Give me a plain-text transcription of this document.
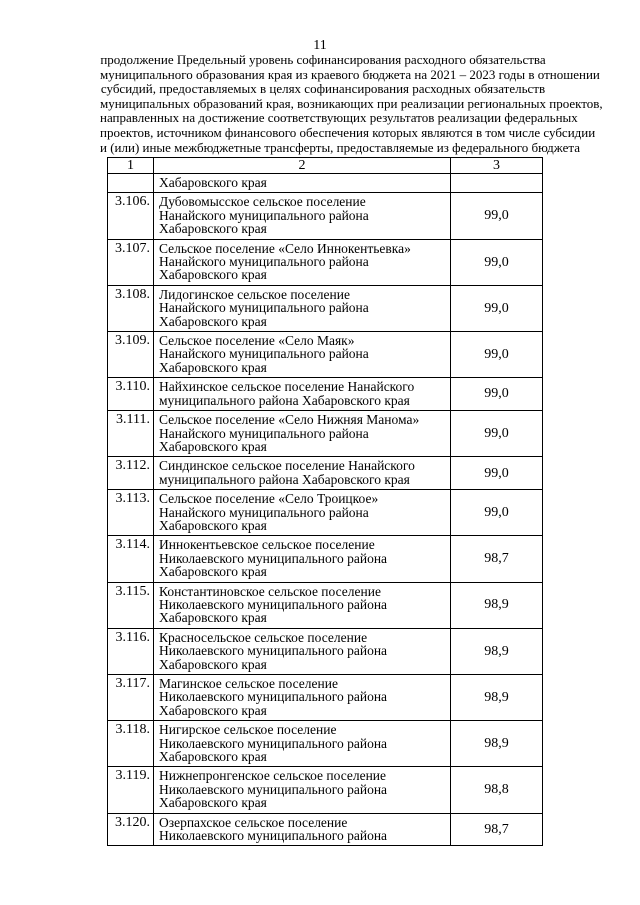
11
продолжение Предельный уровень софинансирования расходного обязательства
муниципального образования края из краевого бюджета на 2021 – 2023 годы в отношении
субсидий, предоставляемых в целях софинансирования расходных обязательств
муниципальных образований края, возникающих при реализации региональных проектов,
направленных на достижение соответствующих результатов реализации федеральных
проектов, источником финансового обеспечения которых являются в том числе субсидии
и (или) иные межбюджетные трансферты, предоставляемые из федерального бюджета
1	2	3

	Хабаровского края	

3.106.	Дубовомысское сельское поселение
Нанайского муниципального района
Хабаровского края	99,0
3.107.	Сельское поселение «Село Иннокентьевка»
Нанайского муниципального района
Хабаровского края	99,0
3.108.	Лидогинское сельское поселение
Нанайского муниципального района
Хабаровского края	99,0
3.109.	Сельское поселение «Село Маяк»
Нанайского муниципального района
Хабаровского края	99,0
3.110.	Найхинское сельское поселение Нанайского
муниципального района Хабаровского края	99,0
3.111.	Сельское поселение «Село Нижняя Манома»
Нанайского муниципального района
Хабаровского края	99,0
3.112.	Синдинское сельское поселение Нанайского
муниципального района Хабаровского края	99,0
3.113.	Сельское поселение «Село Троицкое»
Нанайского муниципального района
Хабаровского края	99,0
3.114.	Иннокентьевское сельское поселение
Николаевского муниципального района
Хабаровского края	98,7
3.115.	Константиновское сельское поселение
Николаевского муниципального района
Хабаровского края	98,9
3.116.	Красносельское сельское поселение
Николаевского муниципального района
Хабаровского края	98,9
3.117.	Магинское сельское поселение
Николаевского муниципального района
Хабаровского края	98,9
3.118.	Нигирское сельское поселение
Николаевского муниципального района
Хабаровского края	98,9
3.119.	Нижнепронгенское сельское поселение
Николаевского муниципального района
Хабаровского края	98,8
3.120.	Озерпахское сельское поселение
Николаевского муниципального района	98,7
